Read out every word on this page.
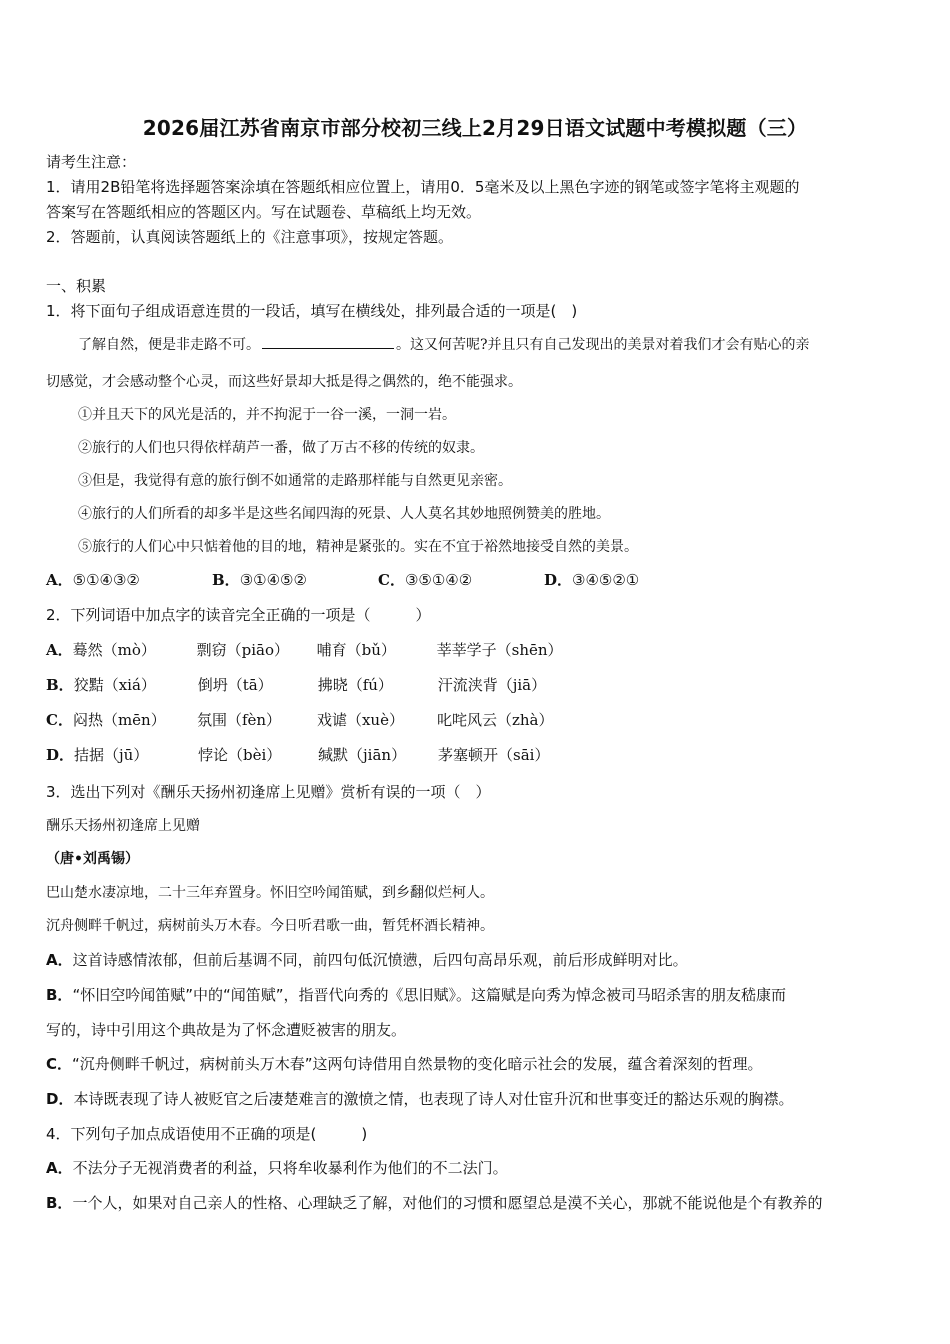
2026届江苏省南京市部分校初三线上2月29日语文试题中考模拟题（三）
请考生注意：
1．请用2B铅笔将选择题答案涂填在答题纸相应位置上，请用0．5毫米及以上黑色字迹的钢笔或签字笔将主观题的
答案写在答题纸相应的答题区内。写在试题卷、草稿纸上均无效。
2．答题前，认真阅读答题纸上的《注意事项》，按规定答题。
一、积累
1．将下面句子组成语意连贯的一段话，填写在横线处，排列最合适的一项是(　)
了解自然，便是非走路不可。	。这又何苦呢?并且只有自己发现出的美景对着我们才会有贴心的亲
切感觉，才会感动整个心灵，而这些好景却大抵是得之偶然的，绝不能强求。
①并且天下的风光是活的，并不拘泥于一谷一溪，一洞一岩。
②旅行的人们也只得依样葫芦一番，做了万古不移的传统的奴隶。
③但是，我觉得有意的旅行倒不如通常的走路那样能与自然更见亲密。
④旅行的人们所看的却多半是这些名闻四海的死景、人人莫名其妙地照例赞美的胜地。
⑤旅行的人们心中只惦着他的目的地，精神是紧张的。实在不宜于裕然地接受自然的美景。
A．⑤①④③②	B．③①④⑤②	C．③⑤①④②	D．③④⑤②①
2．下列词语中加点字的读音完全正确的一项是（　　　）
A．蓦然（mò）	剽窃（piāo） 哺育（bǔ）	莘莘学子（shēn）
B．狡黠（xiá）	倒坍（tā）	拂晓（fú）	汗流浃背（jiā）
C．闷热（mēn） 氛围（fèn） 戏谑（xuè） 叱咤风云（zhà）
D．拮据（jū）	悖论（bèi） 缄默（jiān） 茅塞顿开（sāi）
3．选出下列对《酬乐天扬州初逢席上见赠》赏析有误的一项（　）
酬乐天扬州初逢席上见赠
（唐•刘禹锡）
巴山楚水凄凉地，二十三年弃置身。怀旧空吟闻笛赋，到乡翻似烂柯人。
沉舟侧畔千帆过，病树前头万木春。今日听君歌一曲，暂凭杯酒长精神。
A．这首诗感情浓郁，但前后基调不同，前四句低沉愤懑，后四句高昂乐观，前后形成鲜明对比。
B．“怀旧空吟闻笛赋”中的“闻笛赋”，指晋代向秀的《思旧赋》。这篇赋是向秀为悼念被司马昭杀害的朋友嵇康而
写的，诗中引用这个典故是为了怀念遭贬被害的朋友。
C．“沉舟侧畔千帆过，病树前头万木春”这两句诗借用自然景物的变化暗示社会的发展，蕴含着深刻的哲理。
D．本诗既表现了诗人被贬官之后凄楚难言的激愤之情，也表现了诗人对仕宦升沉和世事变迁的豁达乐观的胸襟。
4．下列句子加点成语使用不正确的项是(　　　)
A．不法分子无视消费者的利益，只将牟收暴利作为他们的不二法门。
B．一个人，如果对自己亲人的性格、心理缺乏了解，对他们的习惯和愿望总是漠不关心，那就不能说他是个有教养的
